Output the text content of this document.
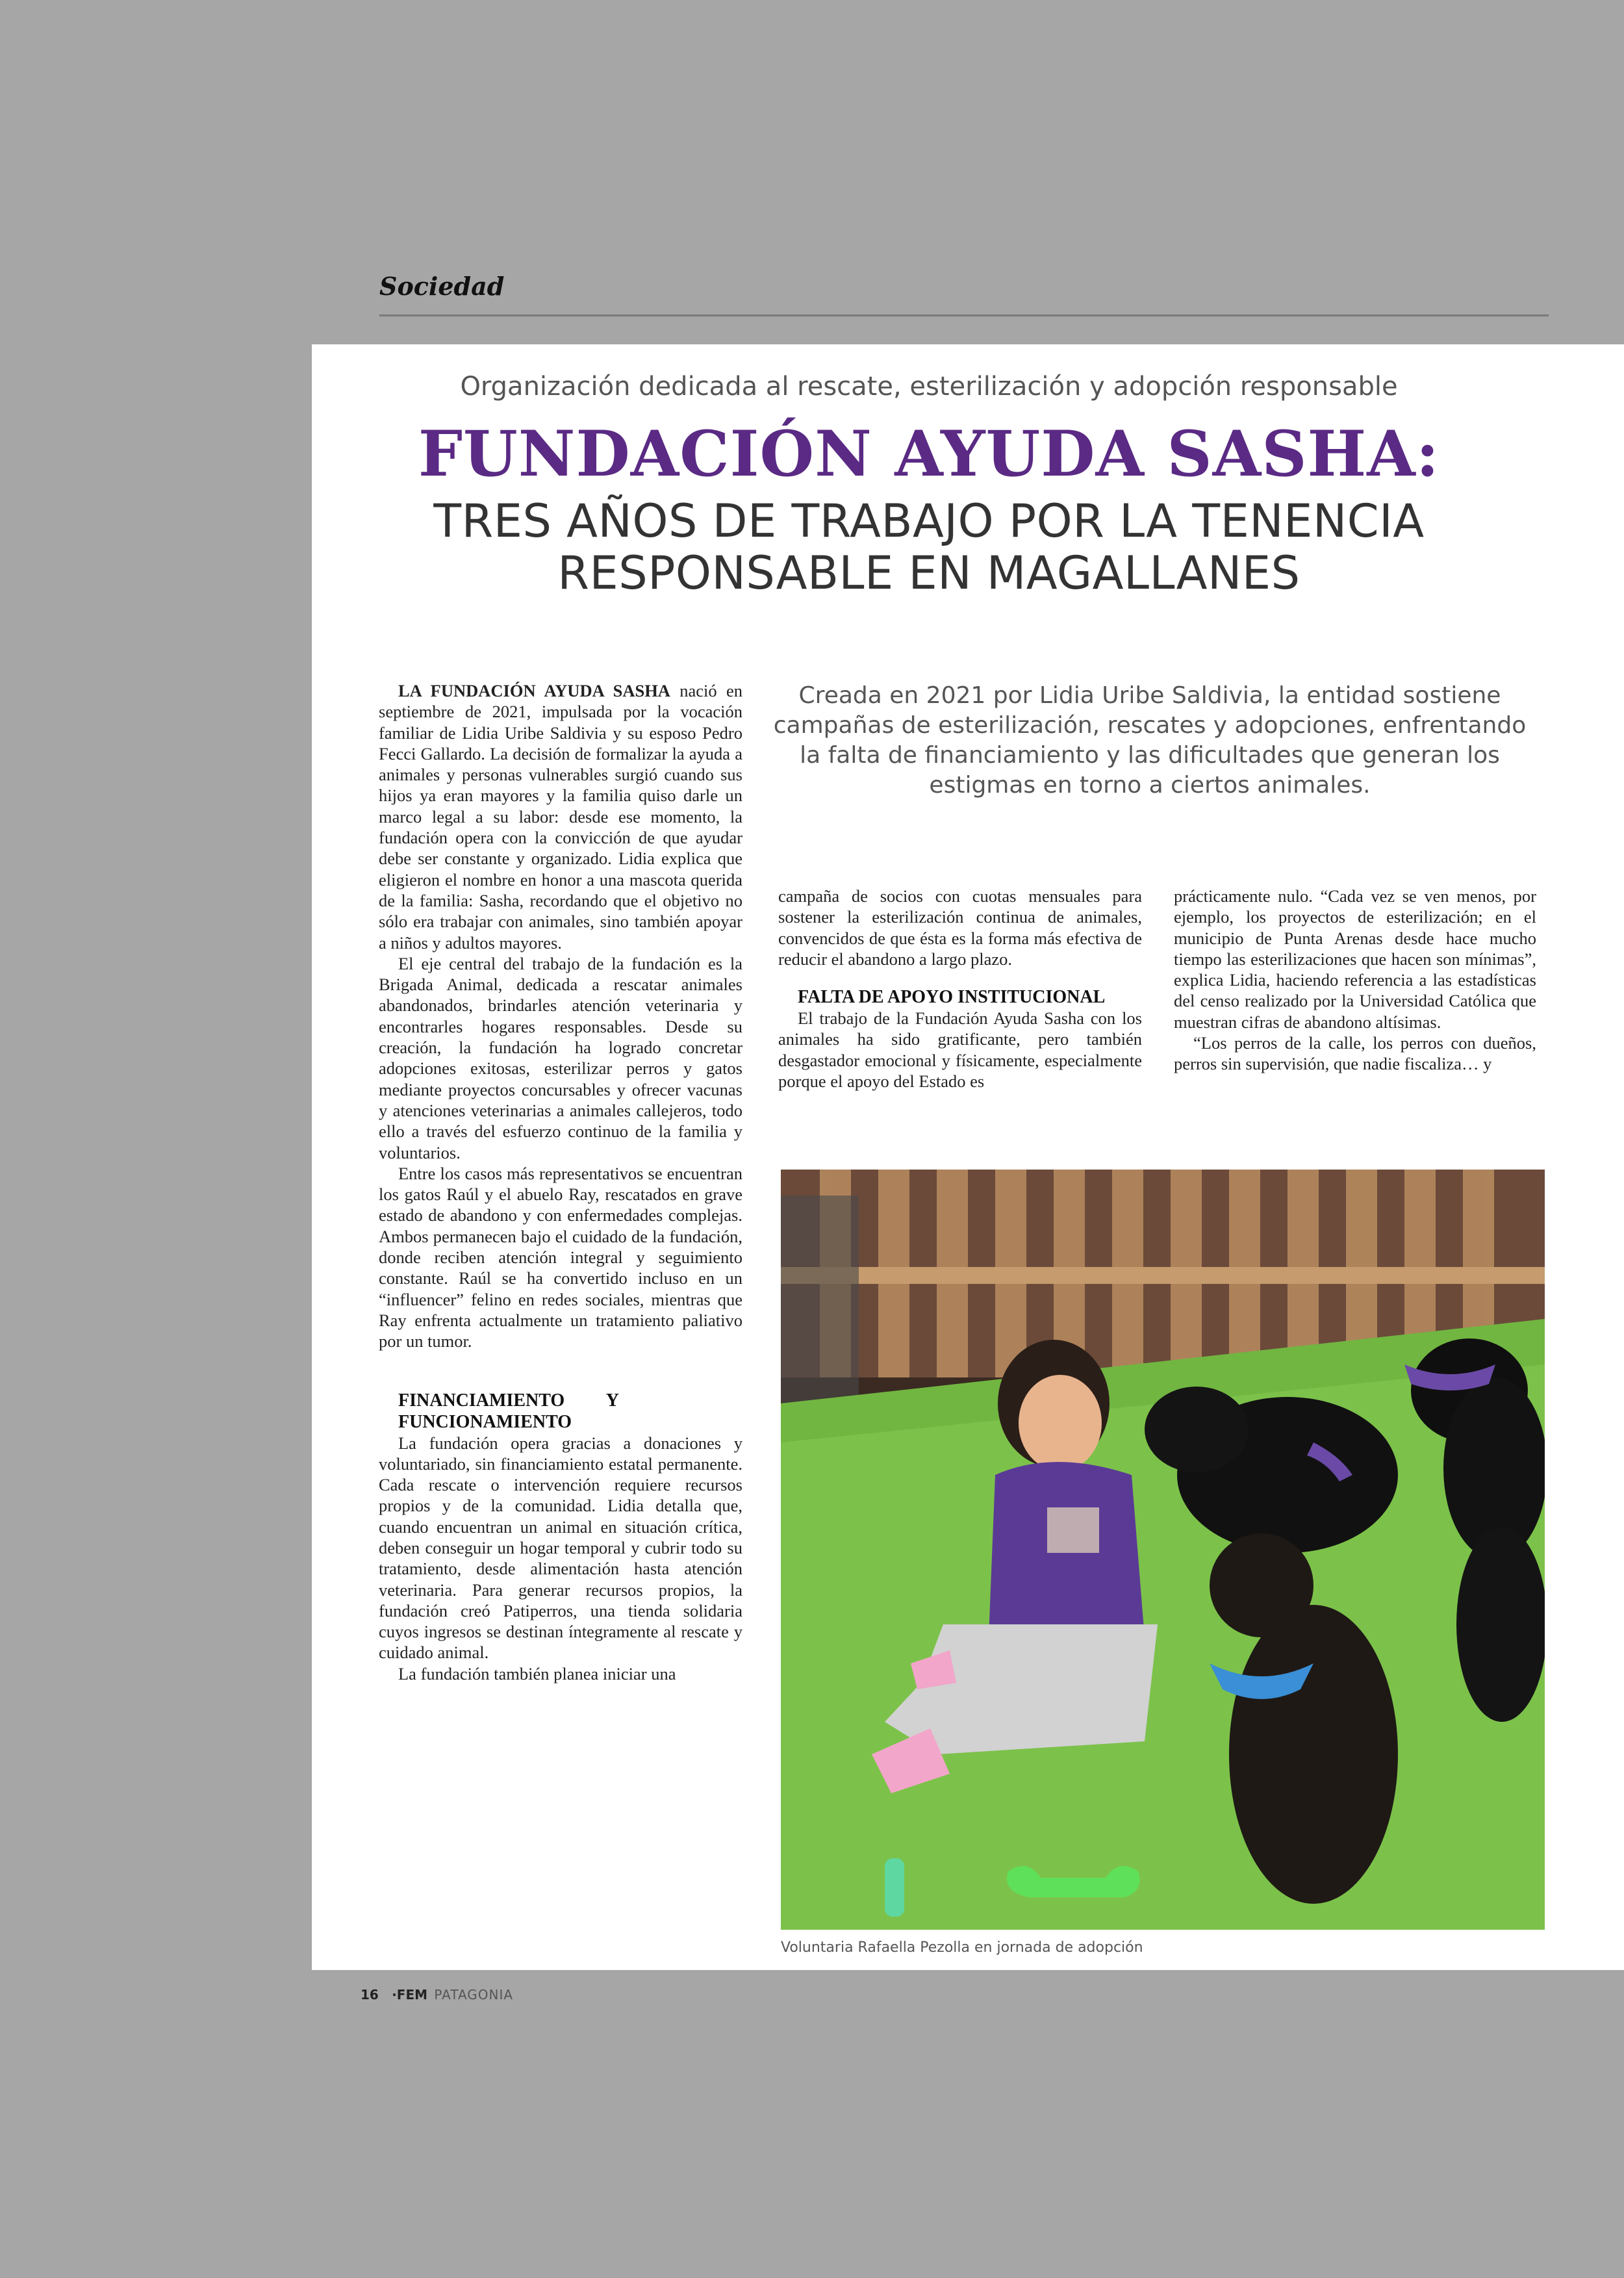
Sociedad
Organización dedicada al rescate, esterilización y adopción responsable
FUNDACIÓN AYUDA SASHA:
TRES AÑOS DE TRABAJO POR LA TENENCIA
RESPONSABLE EN MAGALLANES
Creada en 2021 por Lidia Uribe Saldivia, la entidad sostiene campañas de esterilización, rescates y adopciones, enfrentando la falta de financiamiento y las dificultades que generan los estigmas en torno a ciertos animales.

LA FUNDACIÓN AYUDA SASHA nació en septiembre de 2021, impulsada por la vocación familiar de Lidia Uribe Saldivia y su esposo Pedro Fecci Gallardo. La decisión de formalizar la ayuda a animales y personas vulnerables surgió cuando sus hijos ya eran mayores y la familia quiso darle un marco legal a su labor: desde ese momento, la fundación opera con la convicción de que ayudar debe ser constante y organizado. Lidia explica que eligieron el nombre en honor a una mascota querida de la familia: Sasha, recordando que el objetivo no sólo era trabajar con animales, sino también apoyar a niños y adultos mayores.

El eje central del trabajo de la fundación es la Brigada Animal, dedicada a rescatar animales abandonados, brindarles atención veterinaria y encontrarles hogares responsables. Desde su creación, la fundación ha logrado concretar adopciones exitosas, esterilizar perros y gatos mediante proyectos concursables y ofrecer vacunas y atenciones veterinarias a animales callejeros, todo ello a través del esfuerzo continuo de la familia y voluntarios.

Entre los casos más representativos se encuentran los gatos Raúl y el abuelo Ray, rescatados en grave estado de abandono y con enfermedades complejas. Ambos permanecen bajo el cuidado de la fundación, donde reciben atención integral y seguimiento constante. Raúl se ha convertido incluso en un “influencer” felino en redes sociales, mientras que Ray enfrenta actualmente un tratamiento paliativo por un tumor.

FINANCIAMIENTO Y FUNCIONAMIENTO

La fundación opera gracias a donaciones y voluntariado, sin financiamiento estatal permanente. Cada rescate o intervención requiere recursos propios y de la comunidad. Lidia detalla que, cuando encuentran un animal en situación crítica, deben conseguir un hogar temporal y cubrir todo su tratamiento, desde alimentación hasta atención veterinaria. Para generar recursos propios, la fundación creó Patiperros, una tienda solidaria cuyos ingresos se destinan íntegramente al rescate y cuidado animal.

La fundación también planea iniciar una

campaña de socios con cuotas mensuales para sostener la esterilización continua de animales, convencidos de que ésta es la forma más efectiva de reducir el abandono a largo plazo.

FALTA DE APOYO INSTITUCIONAL

El trabajo de la Fundación Ayuda Sasha con los animales ha sido gratificante, pero también desgastador emocional y físicamente, especialmente porque el apoyo del Estado es

prácticamente nulo. “Cada vez se ven menos, por ejemplo, los proyectos de esterilización; en el municipio de Punta Arenas desde hace mucho tiempo las esterilizaciones que hacen son mínimas”, explica Lidia, haciendo referencia a las estadísticas del censo realizado por la Universidad Católica que muestran cifras de abandono altísimas.

“Los perros de la calle, los perros con dueños, perros sin supervisión, que nadie fiscaliza… y

Voluntaria Rafaella Pezolla en jornada de adopción
16 ·FEM PATAGONIA
